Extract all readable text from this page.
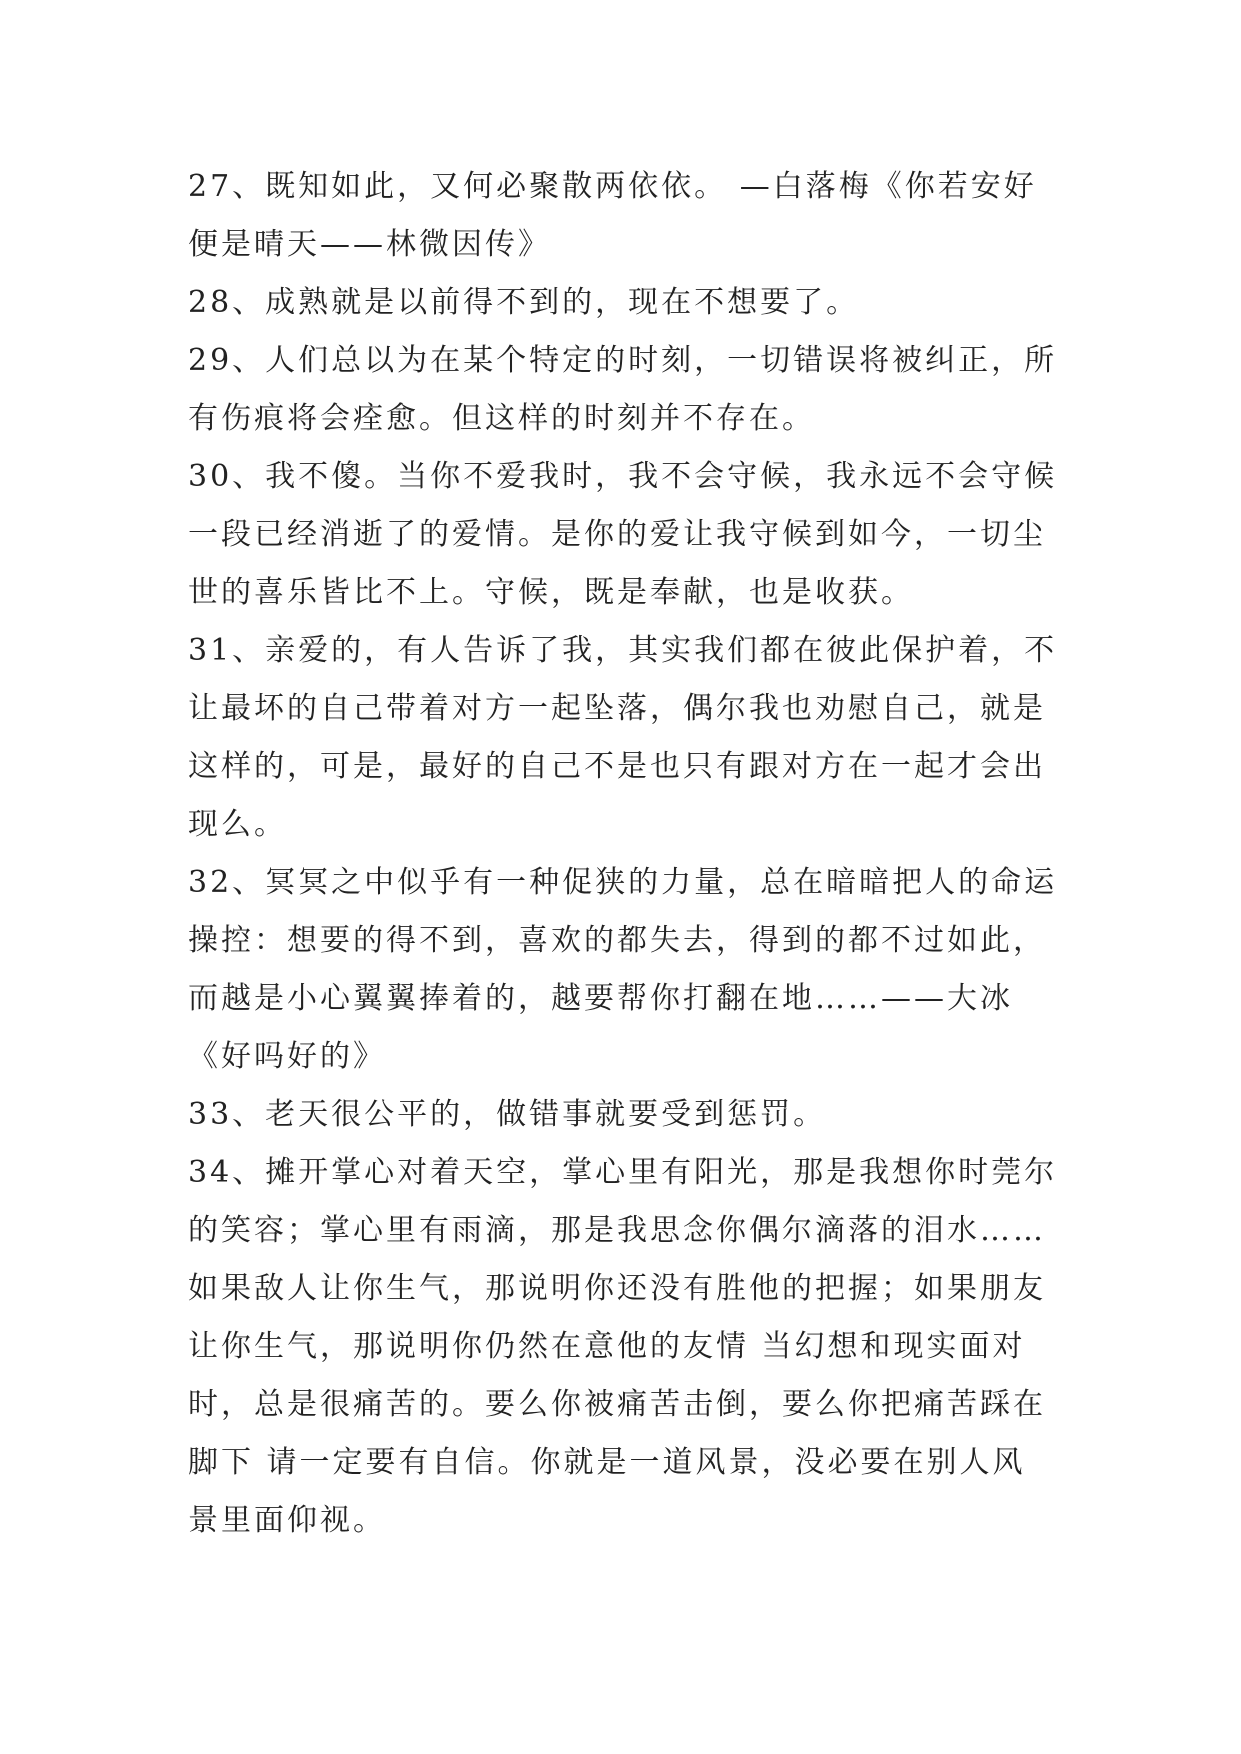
27、既知如此，又何必聚散两依依。 —白落梅《你若安好
便是晴天——林微因传》
28、成熟就是以前得不到的，现在不想要了。
29、人们总以为在某个特定的时刻，一切错误将被纠正，所
有伤痕将会痊愈。但这样的时刻并不存在。
30、我不傻。当你不爱我时，我不会守候，我永远不会守候
一段已经消逝了的爱情。是你的爱让我守候到如今，一切尘
世的喜乐皆比不上。守候，既是奉献，也是收获。
31、亲爱的，有人告诉了我，其实我们都在彼此保护着，不
让最坏的自己带着对方一起坠落，偶尔我也劝慰自己，就是
这样的，可是，最好的自己不是也只有跟对方在一起才会出
现么。
32、冥冥之中似乎有一种促狭的力量，总在暗暗把人的命运
操控：想要的得不到，喜欢的都失去，得到的都不过如此，
而越是小心翼翼捧着的，越要帮你打翻在地……——大冰
《好吗好的》
33、老天很公平的，做错事就要受到惩罚。
34、摊开掌心对着天空，掌心里有阳光，那是我想你时莞尔
的笑容；掌心里有雨滴，那是我思念你偶尔滴落的泪水……
如果敌人让你生气，那说明你还没有胜他的把握；如果朋友
让你生气，那说明你仍然在意他的友情 当幻想和现实面对
时，总是很痛苦的。要么你被痛苦击倒，要么你把痛苦踩在
脚下 请一定要有自信。你就是一道风景，没必要在别人风
景里面仰视。
